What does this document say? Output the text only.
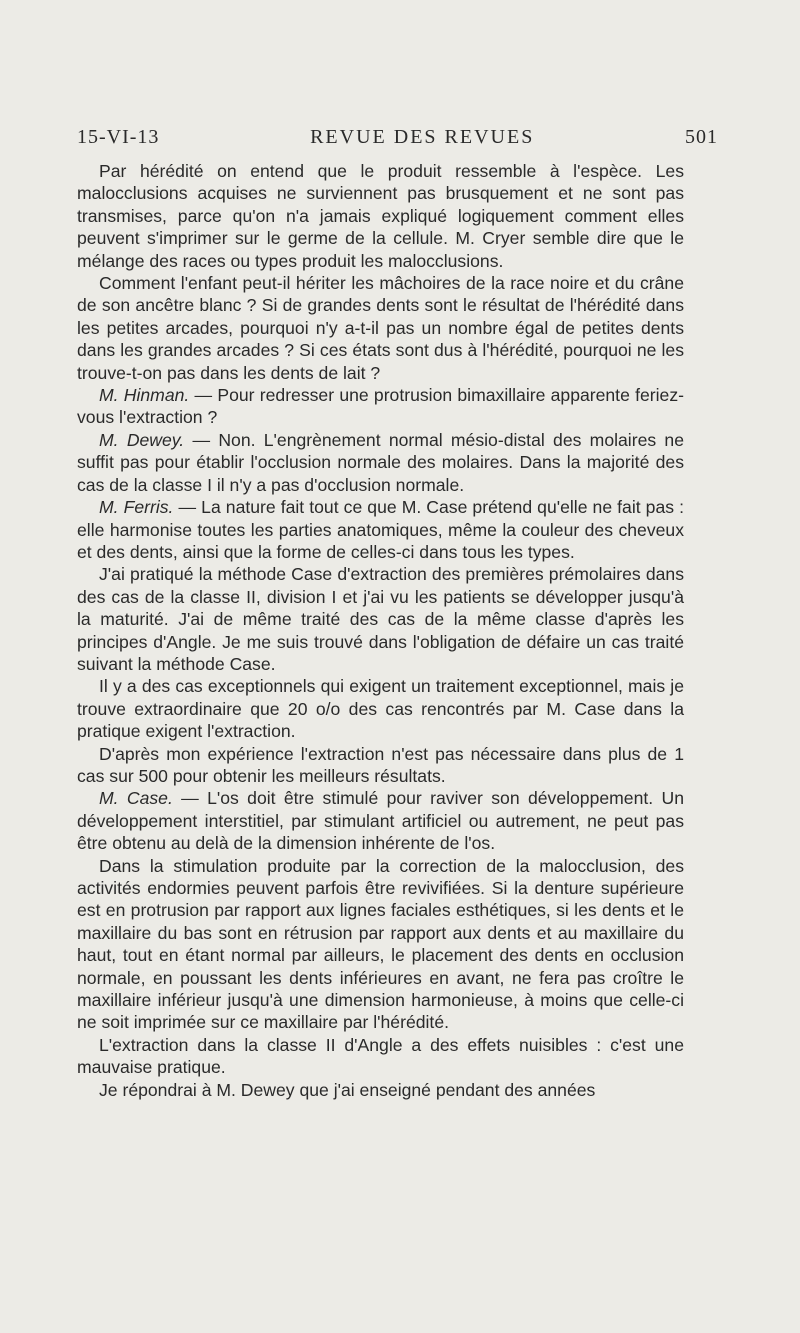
15-VI-13	REVUE DES REVUES	501

Par hérédité on entend que le produit ressemble à l'espèce. Les malocclusions acquises ne surviennent pas brusquement et ne sont pas transmises, parce qu'on n'a jamais expliqué logiquement comment elles peuvent s'imprimer sur le germe de la cellule. M. Cryer semble dire que le mélange des races ou types produit les malocclusions.

Comment l'enfant peut-il hériter les mâchoires de la race noire et du crâne de son ancêtre blanc ? Si de grandes dents sont le résultat de l'hérédité dans les petites arcades, pourquoi n'y a-t-il pas un nombre égal de petites dents dans les grandes arcades ? Si ces états sont dus à l'hérédité, pourquoi ne les trouve-t-on pas dans les dents de lait ?

M. Hinman. — Pour redresser une protrusion bimaxillaire apparente feriez-vous l'extraction ?

M. Dewey. — Non. L'engrènement normal mésio-distal des molaires ne suffit pas pour établir l'occlusion normale des molaires. Dans la majorité des cas de la classe I il n'y a pas d'occlusion normale.

M. Ferris. — La nature fait tout ce que M. Case prétend qu'elle ne fait pas : elle harmonise toutes les parties anatomiques, même la couleur des cheveux et des dents, ainsi que la forme de celles-ci dans tous les types.

J'ai pratiqué la méthode Case d'extraction des premières prémolaires dans des cas de la classe II, division I et j'ai vu les patients se développer jusqu'à la maturité. J'ai de même traité des cas de la même classe d'après les principes d'Angle. Je me suis trouvé dans l'obligation de défaire un cas traité suivant la méthode Case.

Il y a des cas exceptionnels qui exigent un traitement exceptionnel, mais je trouve extraordinaire que 20 o/o des cas rencontrés par M. Case dans la pratique exigent l'extraction.

D'après mon expérience l'extraction n'est pas nécessaire dans plus de 1 cas sur 500 pour obtenir les meilleurs résultats.

M. Case. — L'os doit être stimulé pour raviver son développement. Un développement interstitiel, par stimulant artificiel ou autrement, ne peut pas être obtenu au delà de la dimension inhérente de l'os.

Dans la stimulation produite par la correction de la malocclusion, des activités endormies peuvent parfois être revivifiées. Si la denture supérieure est en protrusion par rapport aux lignes faciales esthétiques, si les dents et le maxillaire du bas sont en rétrusion par rapport aux dents et au maxillaire du haut, tout en étant normal par ailleurs, le placement des dents en occlusion normale, en poussant les dents inférieures en avant, ne fera pas croître le maxillaire inférieur jusqu'à une dimension harmonieuse, à moins que celle-ci ne soit imprimée sur ce maxillaire par l'hérédité.

L'extraction dans la classe II d'Angle a des effets nuisibles : c'est une mauvaise pratique.

Je répondrai à M. Dewey que j'ai enseigné pendant des années
